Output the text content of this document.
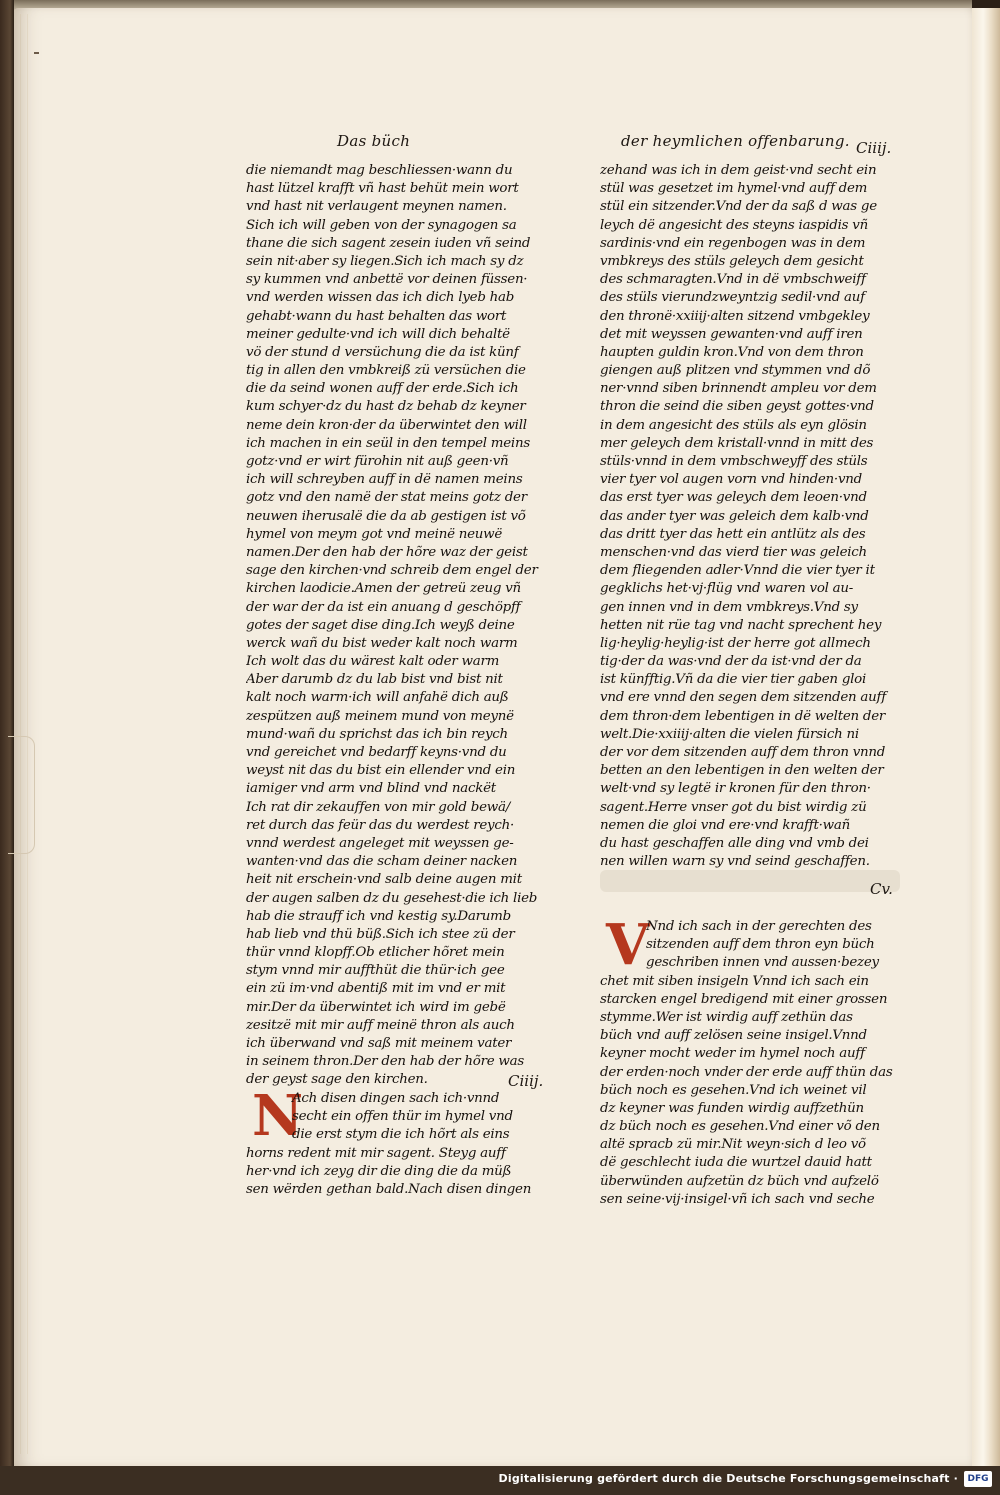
Das büch	der heymlichen offenbarung. Ciiij.
die niemandt mag beschliessen·wann du
hast lützel krafft vñ hast behüt mein wort
vnd hast nit verlaugent meynen namen.
Sich ich will geben von der synagogen sa
thane die sich sagent zesein iuden vñ seind
sein nit·aber sy liegen.Sich ich mach sy dz
sy kummen vnd anbettë vor deinen füssen·
vnd werden wissen das ich dich lyeb hab
gehabt·wann du hast behalten das wort
meiner gedulte·vnd ich will dich behaltë
vö der stund d̄ versüchung die da ist künf
tig in allen den vmbkreiß zü versüchen die
die da seind wonen auff der erde.Sich ich
kum schyer·dz du hast dz behab dz keyner
neme dein kron·der da überwintet den will
ich machen in ein seül in den tempel meins
gotz·vnd er wirt fürohin nit auß geen·vñ
ich will schreyben auff in dë namen meins
gotz vnd den namë der stat meins gotz der
neuwen iherusalë die da ab gestigen ist võ
hymel von meym got vnd meinë neuwë
namen.Der den hab der hõre waz der geist
sage den kirchen·vnd schreib dem engel der
kirchen laodicie.Amen der getreü zeug vñ
der war der da ist ein anuang d̄ geschöpff
gotes der saget dise ding.Ich weyß deine
werck wañ du bist weder kalt noch warm
Ich wolt das du wärest kalt oder warm
Aber darumb dz du lab bist vnd bist nit
kalt noch warm·ich will anfahë dich auß
zespützen auß meinem mund von meynë
mund·wañ du sprichst das ich bin reych
vnd gereichet vnd bedarff keyns·vnd du
weyst nit das du bist ein ellender vnd ein
iamiger vnd arm vnd blind vnd nackët
Ich rat dir zekauffen von mir gold bewä/
ret durch das feür das du werdest reych·
vnnd werdest angeleget mit weyssen ge-
wanten·vnd das die scham deiner nacken
heit nit erschein·vnd salb deine augen mit
der augen salben dz du gesehest·die ich lieb
hab die strauff ich vnd kestig sy.Darumb
hab lieb vnd thü büß.Sich ich stee zü der
thür vnnd klopff.Ob etlicher hõret mein
stym vnnd mir auffthüt die thür·ich gee
ein zü im·vnd abentiß mit im vnd er mit
mir.Der da überwintet ich wird im gebë
zesitzë mit mir auff meinë thron als auch
ich überwand vnd saß mit meinem vater
in seinem thron.Der den hab der hõre was
der geyst sage den kirchen.	Ciiij.
N
Ach disen dingen sach ich·vnnd
secht ein offen thür im hymel vnd
die erst stym die ich hõrt als eins
horns redent mit mir sagent. Steyg auff
her·vnd ich zeyg dir die ding die da müß
sen wërden gethan bald.Nach disen dingen
zehand was ich in dem geist·vnd secht ein
stül was gesetzet im hymel·vnd auff dem
stül ein sitzender.Vnd der da saß d̄ was ge
leych dë angesicht des steyns iaspidis vñ
sardinis·vnd ein regenbogen was in dem
vmbkreys des stüls geleych dem gesicht
des schmaragten.Vnd in dë vmbschweiff
des stüls vierundzweyntzig sedil·vnd auf
den thronë·xxiiij·alten sitzend vmbgekley
det mit weyssen gewanten·vnd auff iren
haupten guldin kron.Vnd von dem thron
giengen auß plitzen vnd stymmen vnd dõ
ner·vnnd siben brinnendt ampleu vor dem
thron die seind die siben geyst gottes·vnd
in dem angesicht des stüls als eyn glösin
mer geleych dem kristall·vnnd in mitt des
stüls·vnnd in dem vmbschweyff des stüls
vier tyer vol augen vorn vnd hinden·vnd
das erst tyer was geleych dem leoen·vnd
das ander tyer was geleich dem kalb·vnd
das dritt tyer das hett ein antlütz als des
menschen·vnd das vierd tier was geleich
dem fliegenden adler·Vnnd die vier tyer it
gegklichs het·vj·flüg vnd waren vol au-
gen innen vnd in dem vmbkreys.Vnd sy
hetten nit rüe tag vnd nacht sprechent hey
lig·heylig·heylig·ist der herre got allmech
tig·der da was·vnd der da ist·vnd der da
ist künfftig.Vñ da die vier tier gaben gloi
vnd ere vnnd den segen dem sitzenden auff
dem thron·dem lebentigen in dë welten der
welt.Die·xxiiij·alten die vielen fürsich ni
der vor dem sitzenden auff dem thron vnnd
betten an den lebentigen in den welten der
welt·vnd sy legtë ir kronen für den thron·
sagent.Herre vnser got du bist wirdig zü
nemen die gloi vnd ere·vnd krafft·wañ
du hast geschaffen alle ding vnd vmb dei
nen willen warn sy vnd seind geschaffen.
Cv.
V
Nnd ich sach in der gerechten des
sitzenden auff dem thron eyn büch
geschriben innen vnd aussen·bezey
chet mit siben insigeln Vnnd ich sach ein
starcken engel bredigend mit einer grossen
stymme.Wer ist wirdig auff zethün das
büch vnd auff zelösen seine insigel.Vnnd
keyner mocht weder im hymel noch auff
der erden·noch vnder der erde auff thün das
büch noch es gesehen.Vnd ich weinet vil
dz keyner was funden wirdig auffzethün
dz büch noch es gesehen.Vnd einer võ den
altë spracb zü mir.Nit weyn·sich d̄ leo võ
dë geschlecht iuda die wurtzel dauid hatt
überwünden aufzetün dz büch vnd aufzelö
sen seine·vij·insigel·vñ ich sach vnd seche
Digitalisierung gefördert durch die Deutsche Forschungsgemeinschaft ·	DFG
